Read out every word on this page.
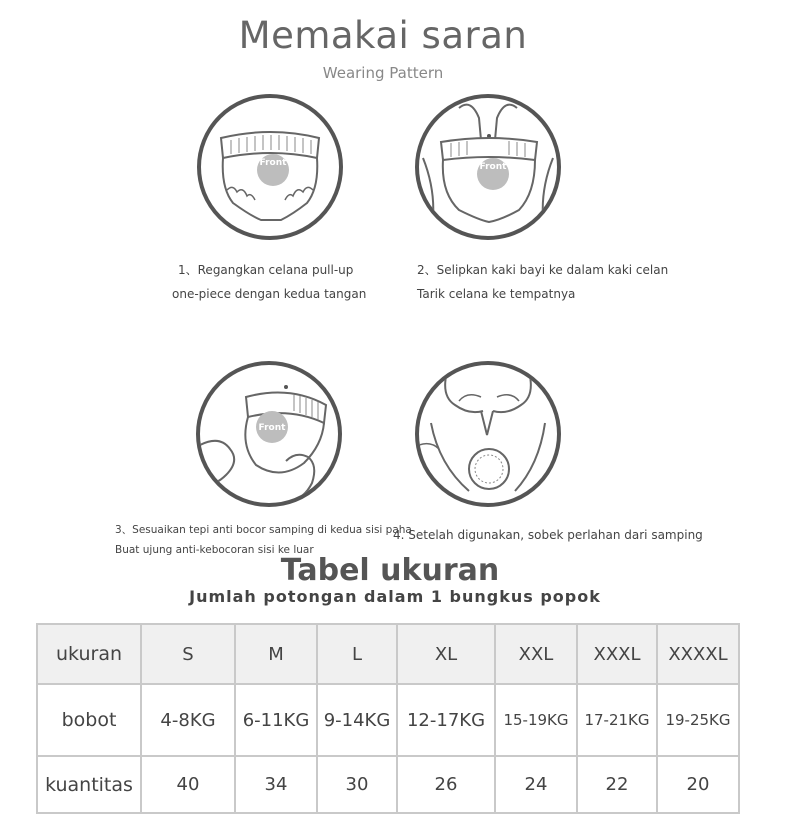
Memakai saran
Wearing Pattern
Front	Front
1、Regangkan celana pull-up
one-piece dengan kedua tangan
2、Selipkan kaki bayi ke dalam kaki celan
Tarik celana ke tempatnya
Front
3、Sesuaikan tepi anti bocor samping di kedua sisi paha
Buat ujung anti-kebocoran sisi ke luar
4. Setelah digunakan, sobek perlahan dari samping
Tabel ukuran
Jumlah potongan dalam 1 bungkus popok
ukuran	S	M	L	XL	XXL	XXXL	XXXXL
bobot	4-8KG	6-11KG	9-14KG	12-17KG	15-19KG	17-21KG	19-25KG
kuantitas	40	34	30	26	24	22	20
